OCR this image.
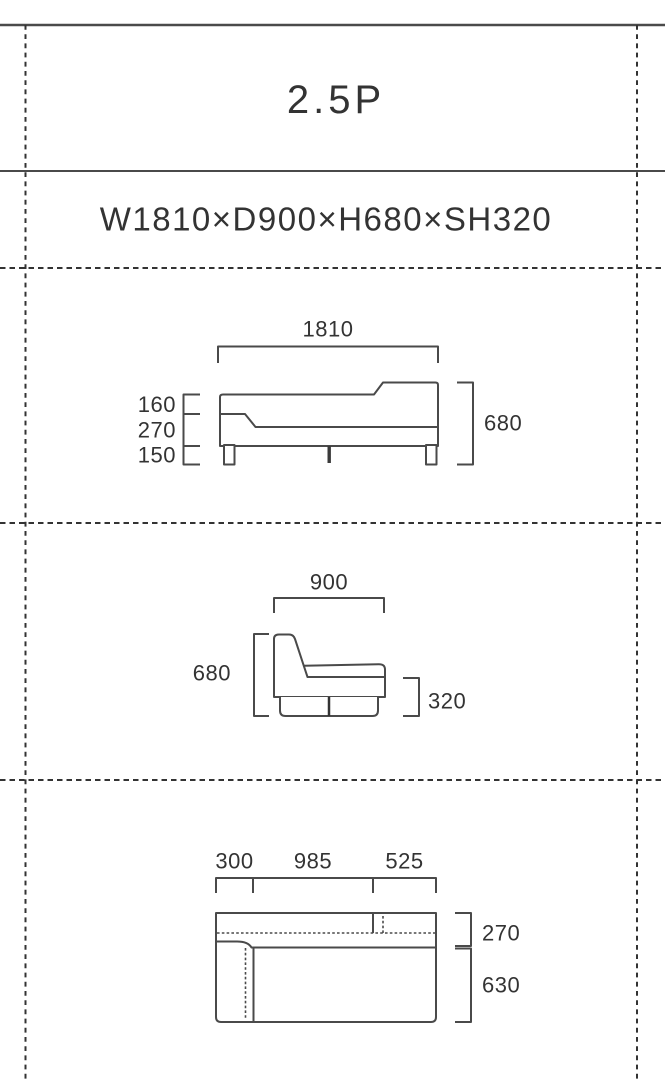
2.5P
W1810×D900×H680×SH320
1810
160
270
150
680
900
680
320
300 985 525
270
630
